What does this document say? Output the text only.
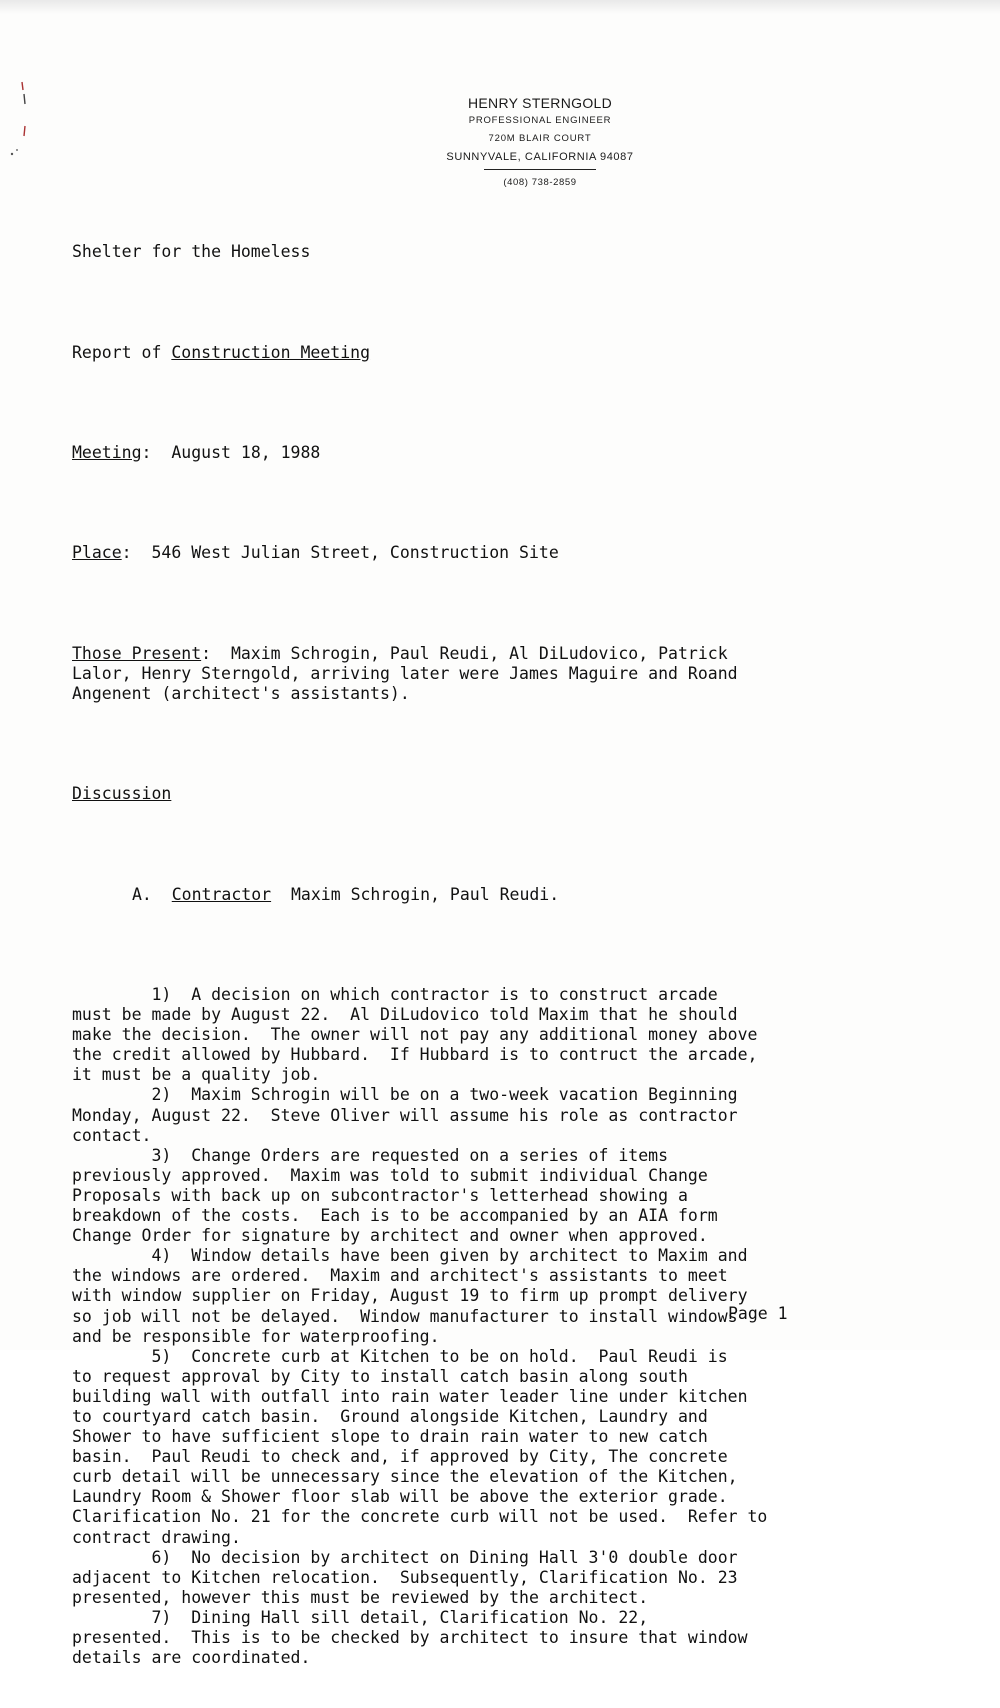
HENRY STERNGOLD
PROFESSIONAL ENGINEER
720M BLAIR COURT
SUNNYVALE, CALIFORNIA 94087
(408) 738-2859

Shelter for the Homeless

Report of Construction Meeting

Meeting:  August 18, 1988

Place:  546 West Julian Street, Construction Site

Those Present:  Maxim Schrogin, Paul Reudi, Al DiLudovico, Patrick
Lalor, Henry Sterngold, arriving later were James Maguire and Roand
Angenent (architect's assistants).

Discussion

A.  Contractor  Maxim Schrogin, Paul Reudi.

1)  A decision on which contractor is to construct arcade
must be made by August 22.  Al DiLudovico told Maxim that he should
make the decision.  The owner will not pay any additional money above
the credit allowed by Hubbard.  If Hubbard is to contruct the arcade,
it must be a quality job.
2)  Maxim Schrogin will be on a two-week vacation Beginning
Monday, August 22.  Steve Oliver will assume his role as contractor
contact.
3)  Change Orders are requested on a series of items
previously approved.  Maxim was told to submit individual Change
Proposals with back up on subcontractor's letterhead showing a
breakdown of the costs.  Each is to be accompanied by an AIA form
Change Order for signature by architect and owner when approved.
4)  Window details have been given by architect to Maxim and
the windows are ordered.  Maxim and architect's assistants to meet
with window supplier on Friday, August 19 to firm up prompt delivery
so job will not be delayed.  Window manufacturer to install windows
and be responsible for waterproofing.
5)  Concrete curb at Kitchen to be on hold.  Paul Reudi is
to request approval by City to install catch basin along south
building wall with outfall into rain water leader line under kitchen
to courtyard catch basin.  Ground alongside Kitchen, Laundry and
Shower to have sufficient slope to drain rain water to new catch
basin.  Paul Reudi to check and, if approved by City, The concrete
curb detail will be unnecessary since the elevation of the Kitchen,
Laundry Room & Shower floor slab will be above the exterior grade.
Clarification No. 21 for the concrete curb will not be used.  Refer to
contract drawing.
6)  No decision by architect on Dining Hall 3'0 double door
adjacent to Kitchen relocation.  Subsequently, Clarification No. 23
presented, however this must be reviewed by the architect.
7)  Dining Hall sill detail, Clarification No. 22,
presented.  This is to be checked by architect to insure that window
details are coordinated.

Page 1
